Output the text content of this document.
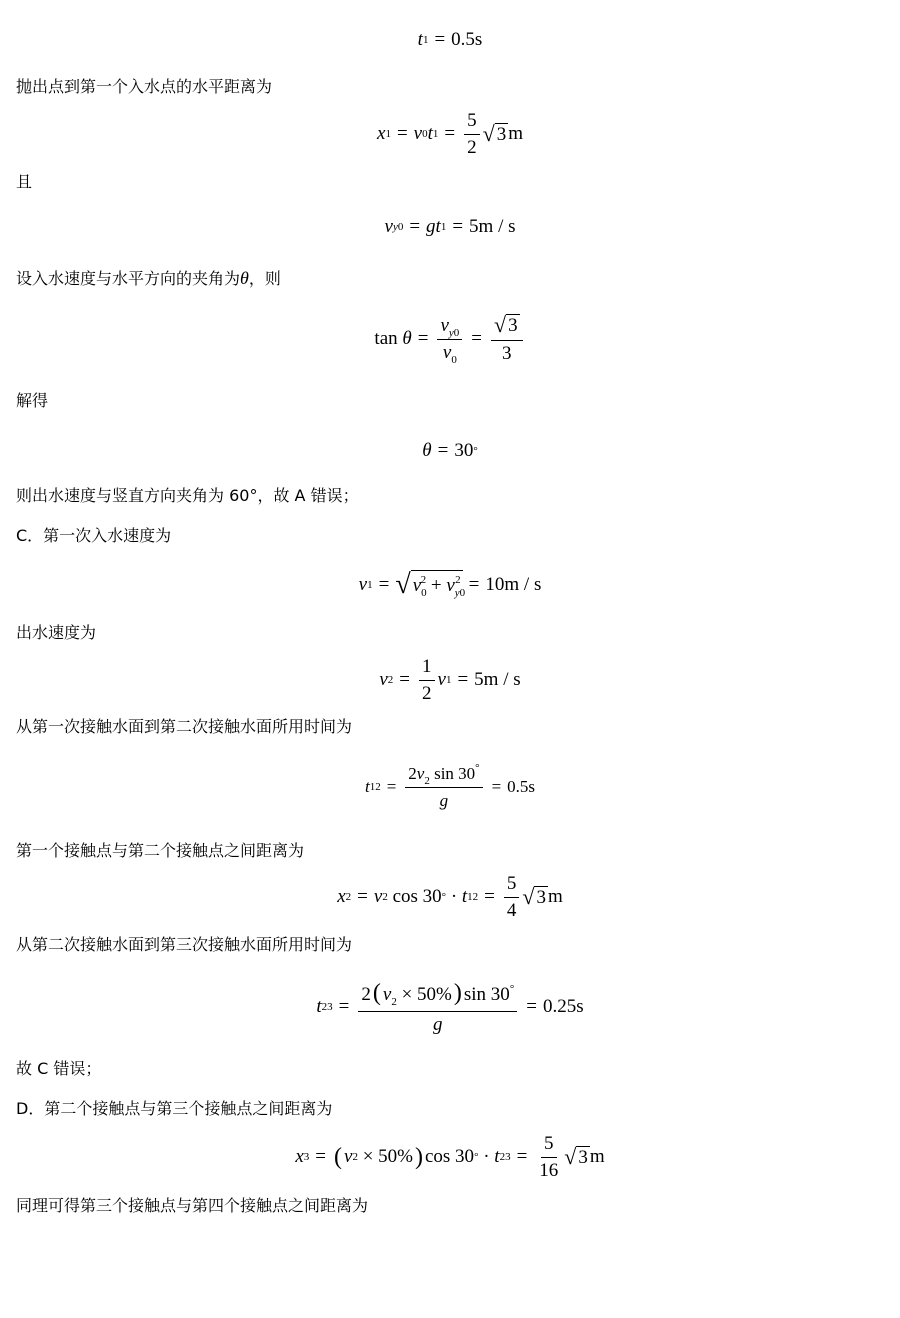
t 1 = 0.5s
抛出点到第一个入水点的水平距离为
x 1 = v 0 t $1 = \frac{5}{2}$ √ 3 m
且
v y0 = gt 1 = 5m / s
设入水速度与水平方向的夹角为θ，则
tan
$\theta = \frac{v_{y0}}{v_0} = \frac{√ 3}{3}$
解得
θ = 30 °
则出水速度与竖直方向夹角为 60°，故 A 错误；
C．第一次入水速度为
v 1 = √ $v_0^2 + v_{y0}^2 = 10m / s$
出水速度为
v $2 = \frac{1}{2}$ v 1 = 5m / s
从第一次接触水面到第二次接触水面所用时间为
t $12 = \frac{2v_2 \sin 30^\circ}{g} = 0.5s$
第一个接触点与第二个接触点之间距离为
x 2 = v 2 cos 30 ° · t $12 = \frac{5}{4}$ √ 3 m
从第二次接触水面到第三次接触水面所用时间为
t $23 = \frac{2( v_2 \times 50\%) \sin 30^\circ}{g} = 0.25s$
故 C 错误；
D．第二个接触点与第三个接触点之间距离为
x 3 = ( v 2 × 50% ) cos 30 ° · t $23 = \frac{5}{16}$ √ 3 m
同理可得第三个接触点与第四个接触点之间距离为
